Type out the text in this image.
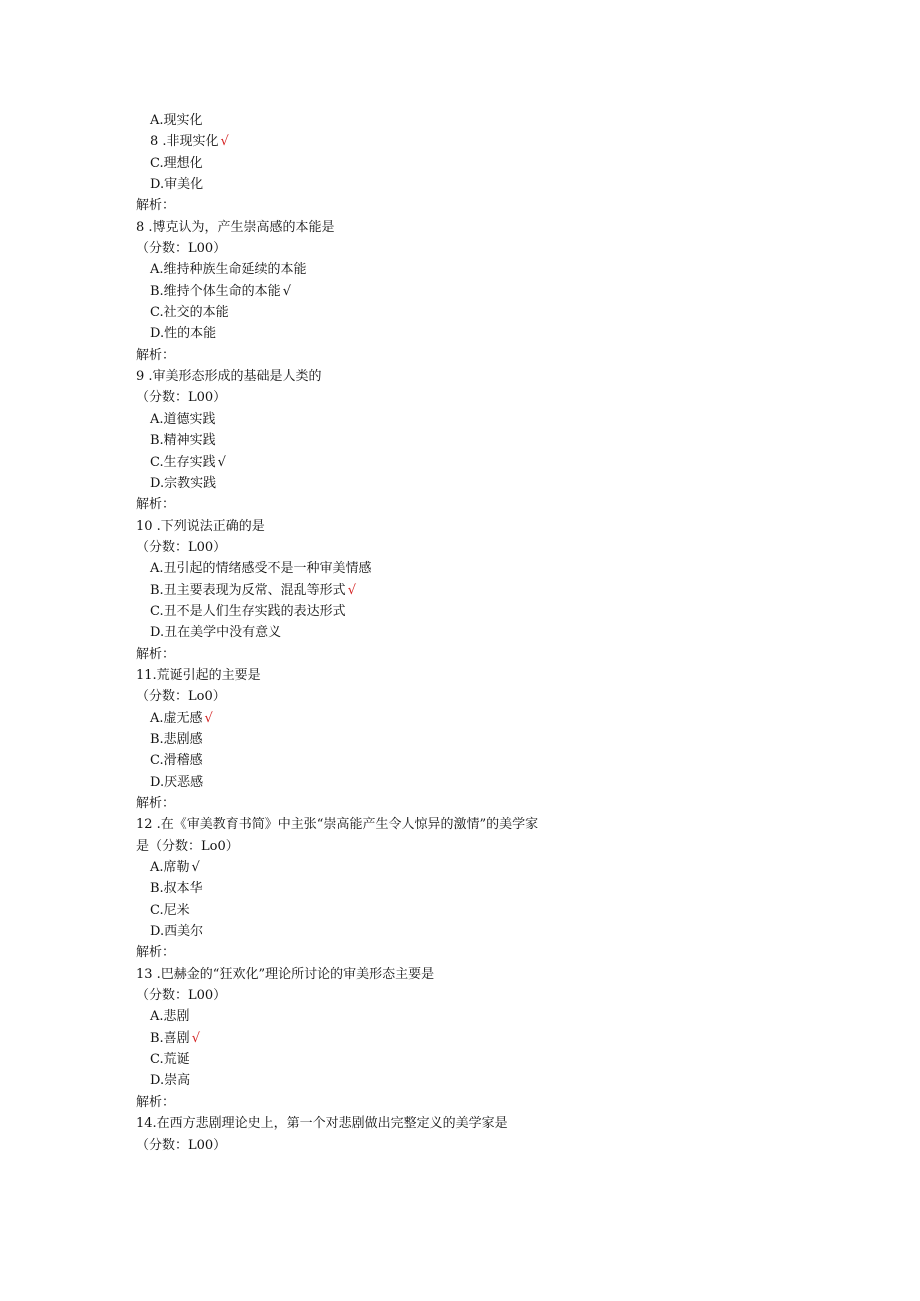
A.现实化
8 .非现实化 √
C.理想化
D.审美化
解析：
8 .博克认为，产生崇高感的本能是
（分数：L00）
A.维持种族生命延续的本能
B.维持个体生命的本能 √
C.社交的本能
D.性的本能
解析：
9 .审美形态形成的基础是人类的
（分数：L00）
A.道德实践
B.精神实践
C.生存实践 √
D.宗教实践
解析：
10 .下列说法正确的是
（分数：L00）
A.丑引起的情绪感受不是一种审美情感
B.丑主要表现为反常、混乱等形式 √
C.丑不是人们生存实践的表达形式
D.丑在美学中没有意义
解析：
11.荒诞引起的主要是
（分数：Lo0）
A.虚无感 √
B.悲剧感
C.滑稽感
D.厌恶感
解析：
12 .在《审美教育书简》中主张“崇高能产生令人惊异的激情”的美学家
是（分数：Lo0）
A.席勒 √
B.叔本华
C.尼米
D.西美尔
解析：
13 .巴赫金的“狂欢化”理论所讨论的审美形态主要是
（分数：L00）
A.悲剧
B.喜剧 √
C.荒诞
D.崇高
解析：
14.在西方悲剧理论史上，第一个对悲剧做出完整定义的美学家是
（分数：L00）
